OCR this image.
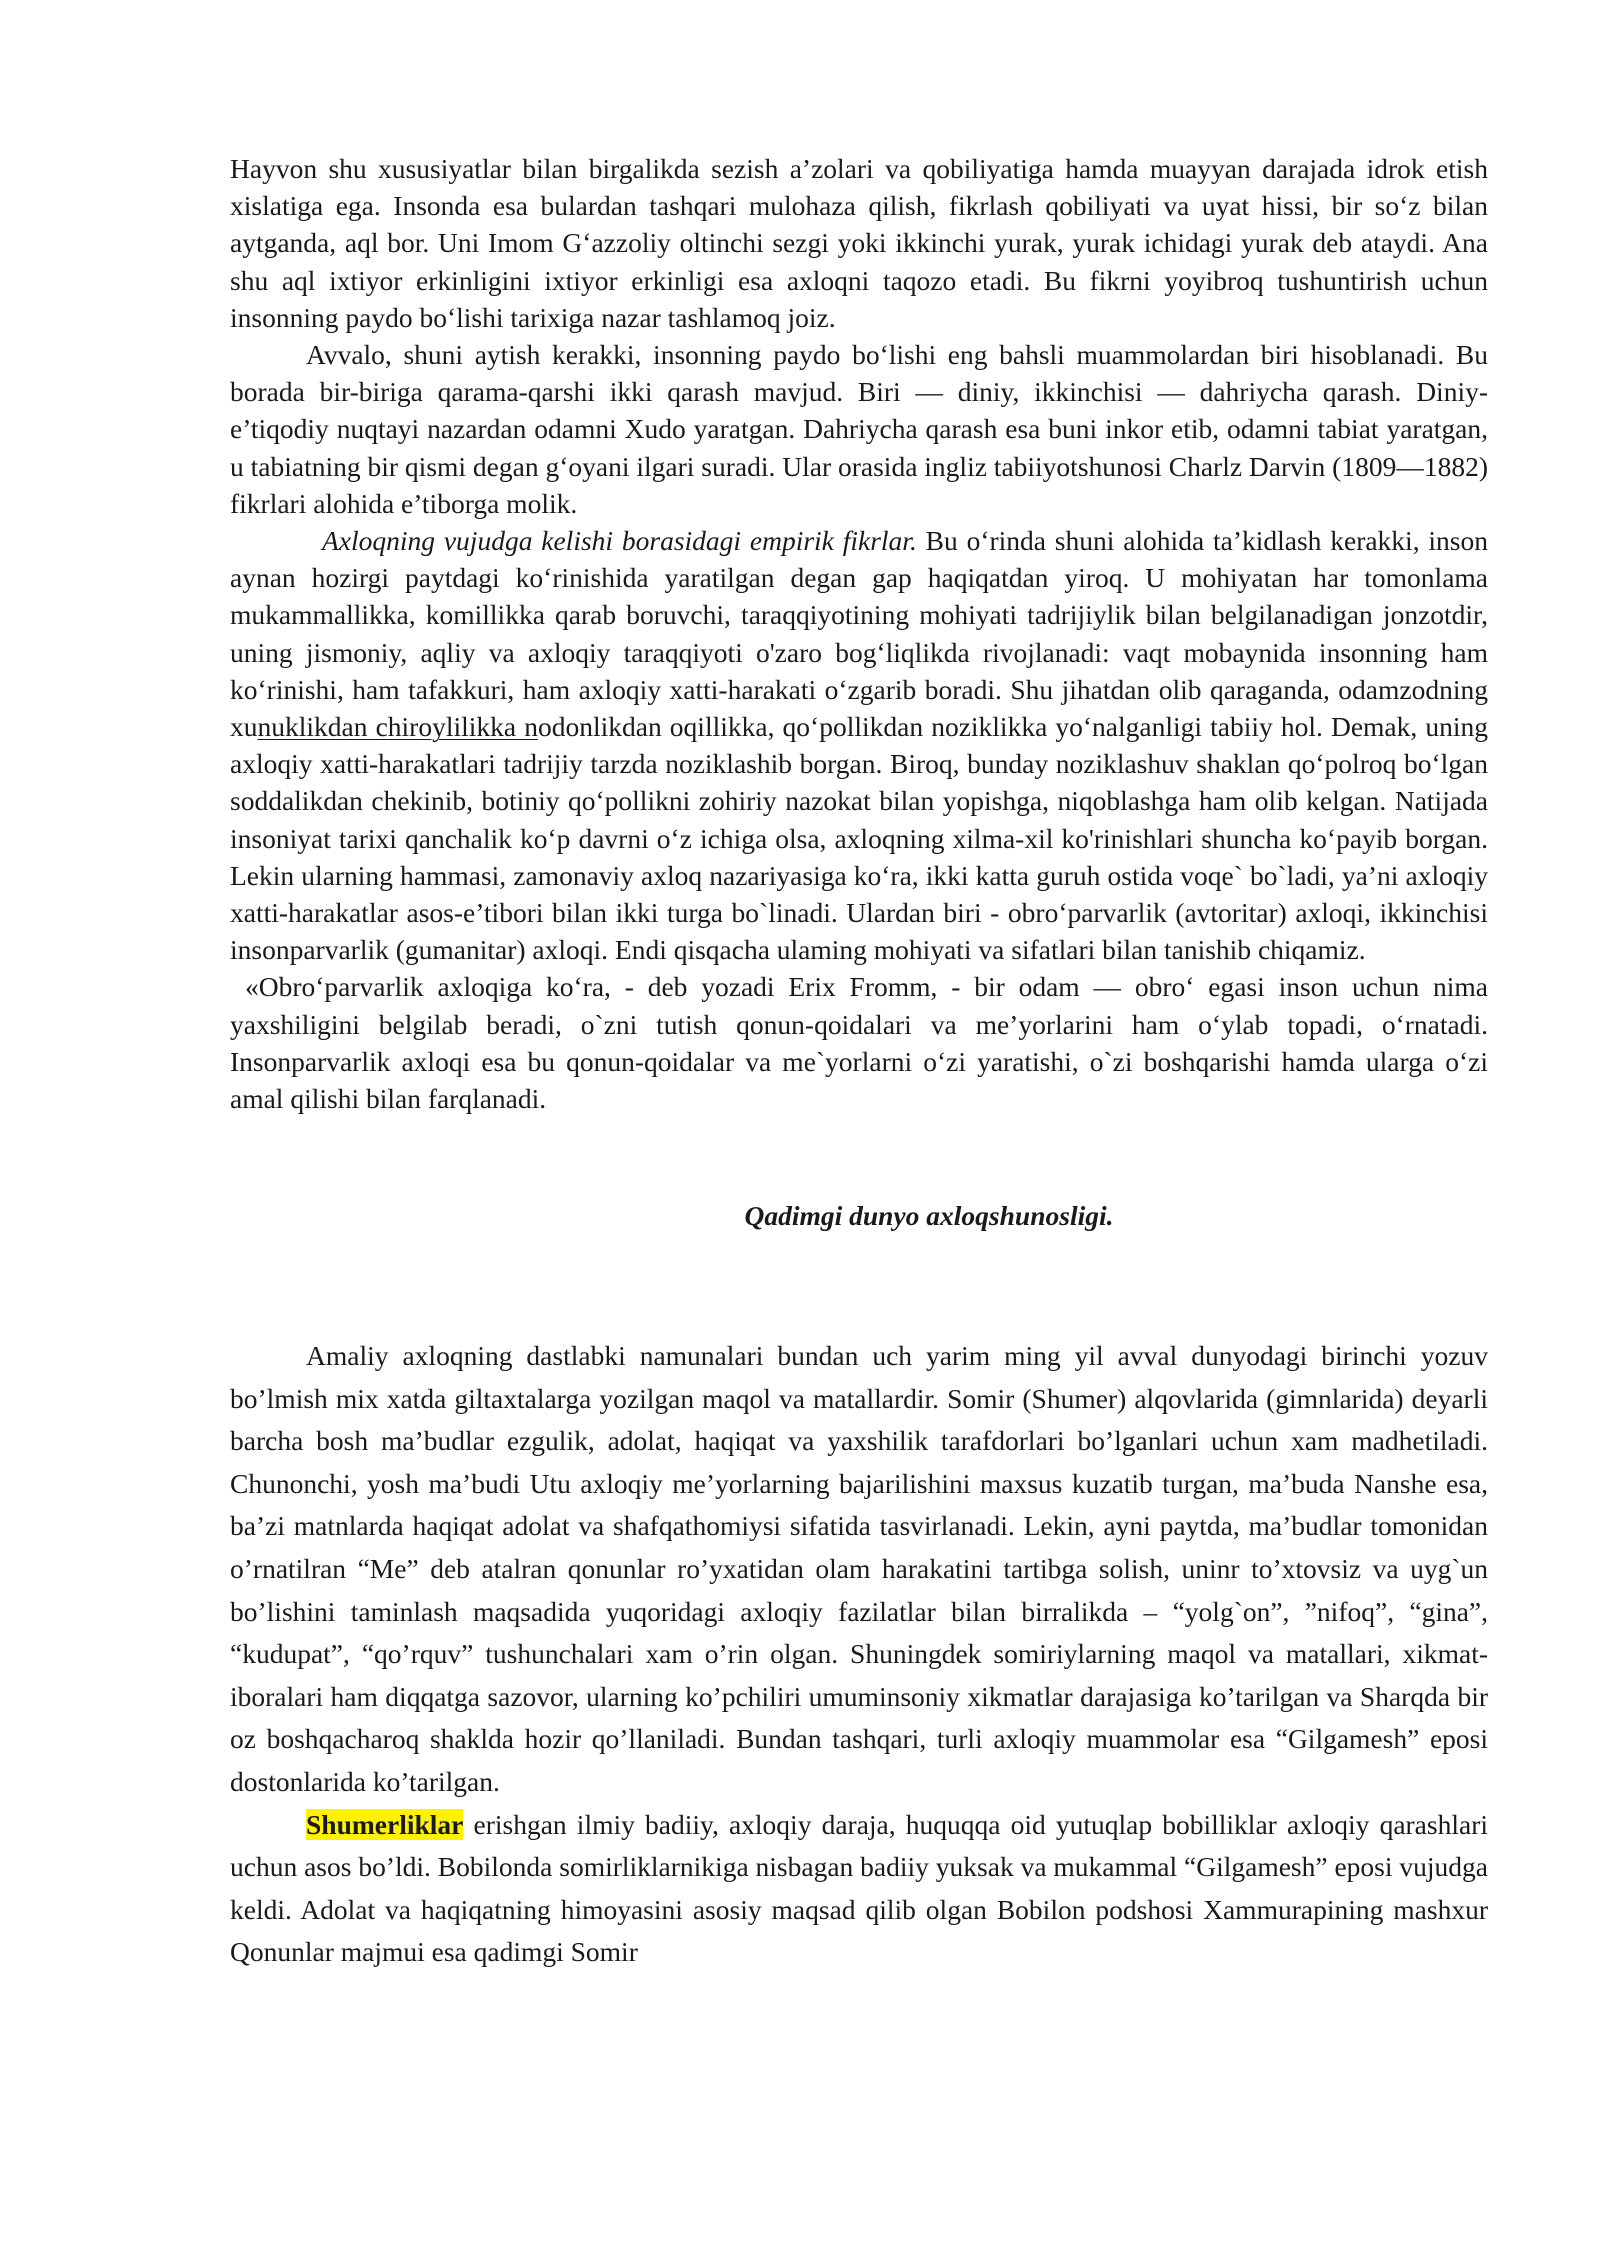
Hayvon shu xususiyatlar bilan birgalikda sezish a’zolari va qobiliyatiga hamda muayyan darajada idrok etish xislatiga ega. Insonda esa bulardan tashqari mulohaza qilish, fikrlash qobiliyati va uyat hissi, bir so‘z bilan aytganda, aql bor. Uni Imom G‘azzoliy oltinchi sezgi yoki ikkinchi yurak, yurak ichidagi yurak deb ataydi. Ana shu aql ixtiyor erkinligini ixtiyor erkinligi esa axloqni taqozo etadi. Bu fikrni yoyibroq tushuntirish uchun insonning paydo bo‘lishi tarixiga nazar tashlamoq joiz.

Avvalo, shuni aytish kerakki, insonning paydo bo‘lishi eng bahsli muammolardan biri hisoblanadi. Bu borada bir-biriga qarama-qarshi ikki qarash mavjud. Biri — diniy, ikkinchisi — dahriycha qarash. Diniy- e’tiqodiy nuqtayi nazardan odamni Xudo yaratgan. Dahriycha qarash esa buni inkor etib, odamni tabiat yaratgan, u tabiatning bir qismi degan g‘oyani ilgari suradi. Ular orasida ingliz tabiiyotshunosi Charlz Darvin (1809—1882) fikrlari alohida e’tiborga molik.

Axloqning vujudga kelishi borasidagi empirik fikrlar. Bu o‘rinda shuni alohida ta’kidlash kerakki, inson aynan hozirgi paytdagi ko‘rinishida yaratilgan degan gap haqiqatdan yiroq. U mohiyatan har tomonlama mukammallikka, komillikka qarab boruvchi, taraqqiyotining mohiyati tadrijiylik bilan belgilanadigan jonzotdir, uning jismoniy, aqliy va axloqiy taraqqiyoti o'zaro bog‘liqlikda rivojlanadi: vaqt mobaynida insonning ham ko‘rinishi, ham tafakkuri, ham axloqiy xatti-harakati o‘zgarib boradi. Shu jihatdan olib qaraganda, odamzodning xunuklikdan chiroylilikka nodonlikdan oqillikka, qo‘pollikdan noziklikka yo‘nalganligi tabiiy hol. Demak, uning axloqiy xatti-harakatlari tadrijiy tarzda noziklashib borgan. Biroq, bunday noziklashuv shaklan qo‘polroq bo‘lgan soddalikdan chekinib, botiniy qo‘pollikni zohiriy nazokat bilan yopishga, niqoblashga ham olib kelgan. Natijada insoniyat tarixi qanchalik ko‘p davrni o‘z ichiga olsa, axloqning xilma-xil ko'rinishlari shuncha ko‘payib borgan. Lekin ularning hammasi, zamonaviy axloq nazariyasiga ko‘ra, ikki katta guruh ostida voqe` bo`ladi, ya’ni axloqiy xatti-harakatlar asos-e’tibori bilan ikki turga bo`linadi. Ulardan biri - obro‘parvarlik (avtoritar) axloqi, ikkinchisi insonparvarlik (gumanitar) axloqi. Endi qisqacha ulaming mohiyati va sifatlari bilan tanishib chiqamiz.

«Obro‘parvarlik axloqiga ko‘ra, - deb yozadi Erix Fromm, - bir odam — obro‘ egasi inson uchun nima yaxshiligini belgilab beradi, o`zni tutish qonun-qoidalari va me’yorlarini ham o‘ylab topadi, o‘rnatadi. Insonparvarlik axloqi esa bu qonun-qoidalar va me`yorlarni o‘zi yaratishi, o`zi boshqarishi hamda ularga o‘zi amal qilishi bilan farqlanadi.

Qadimgi dunyo axloqshunosligi.

Amaliy axloqning dastlabki namunalari bundan uch yarim ming yil avval dunyodagi birinchi yozuv bo’lmish mix xatda giltaxtalarga yozilgan maqol va matallardir. Somir (Shumer) alqovlarida (gimnlarida) deyarli barcha bosh ma’budlar ezgulik, adolat, haqiqat va yaxshilik tarafdorlari bo’lganlari uchun xam madhetiladi. Chunonchi, yosh ma’budi Utu axloqiy me’yorlarning bajarilishini maxsus kuzatib turgan, ma’buda Nanshe esa, ba’zi matnlarda haqiqat adolat va shafqathomiysi sifatida tasvirlanadi. Lekin, ayni paytda, ma’budlar tomonidan o’rnatilran “Me” deb atalran qonunlar ro’yxatidan olam harakatini tartibga solish, uninr to’xtovsiz va uyg`un bo’lishini taminlash maqsadida yuqoridagi axloqiy fazilatlar bilan birralikda – “yolg`on”, ”nifoq”, “gina”, “kudupat”, “qo’rquv” tushunchalari xam o’rin olgan. Shuningdek somiriylarning maqol va matallari, xikmat-iboralari ham diqqatga sazovor, ularning ko’pchiliri umuminsoniy xikmatlar darajasiga ko’tarilgan va Sharqda bir oz boshqacharoq shaklda hozir qo’llaniladi. Bundan tashqari, turli axloqiy muammolar esa “Gilgamesh” eposi dostonlarida ko’tarilgan.

Shumerliklar erishgan ilmiy badiiy, axloqiy daraja, huquqqa oid yutuqlap bobilliklar axloqiy qarashlari uchun asos bo’ldi. Bobilonda somirliklarnikiga nisbagan badiiy yuksak va mukammal “Gilgamesh” eposi vujudga keldi. Adolat va haqiqatning himoyasini asosiy maqsad qilib olgan Bobilon podshosi Xammurapining mashxur Qonunlar majmui esa qadimgi Somir
